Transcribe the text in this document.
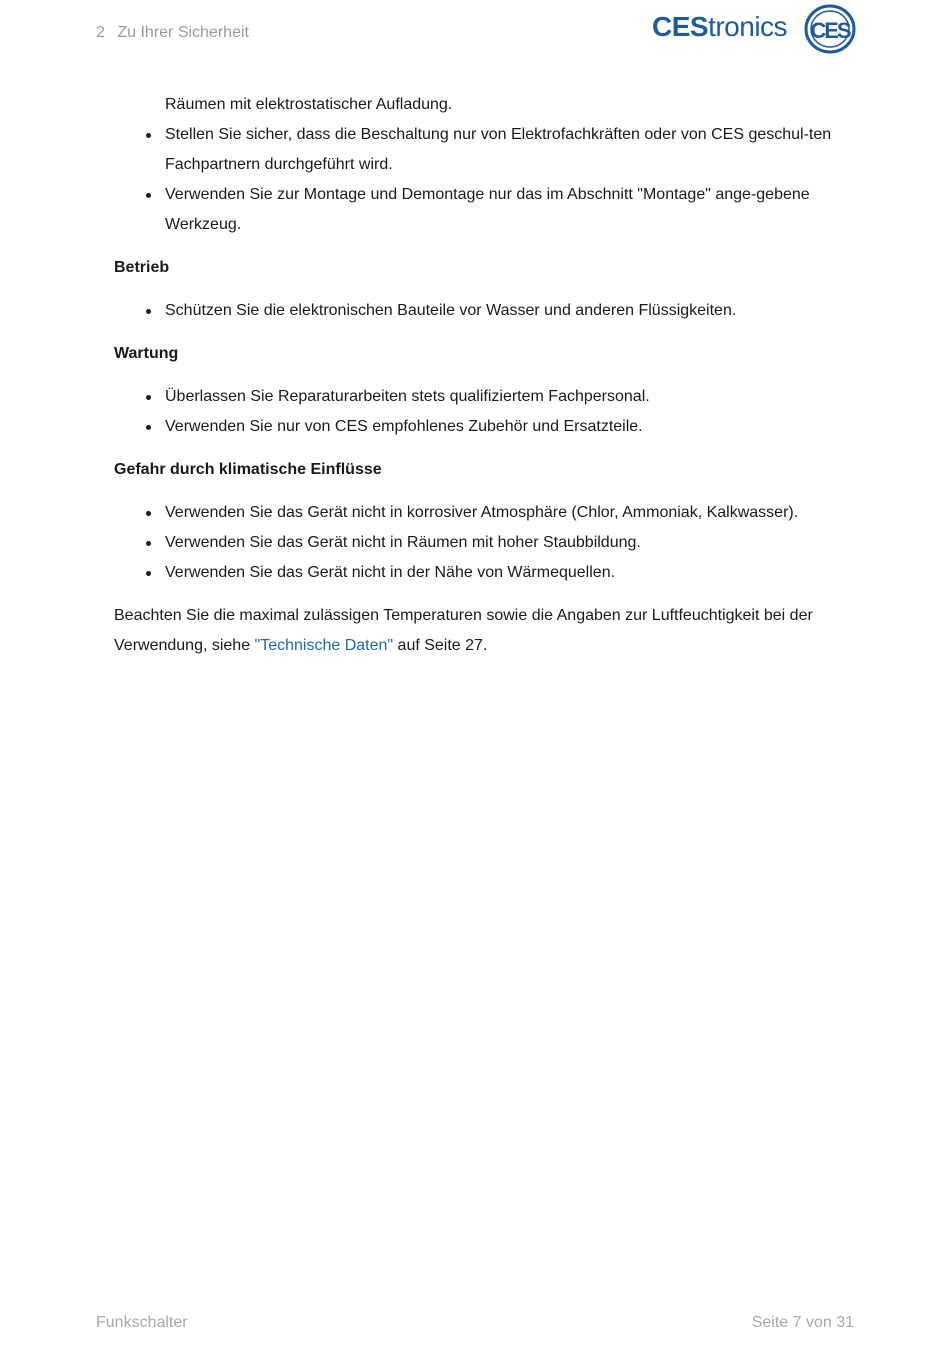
2 Zu Ihrer Sicherheit	CEStronics CES
Räumen mit elektrostatischer Aufladung.
Stellen Sie sicher, dass die Beschaltung nur von Elektrofachkräften oder von CES geschul-ten Fachpartnern durchgeführt wird.
Verwenden Sie zur Montage und Demontage nur das im Abschnitt "Montage" ange-gebene Werkzeug.
Betrieb
Schützen Sie die elektronischen Bauteile vor Wasser und anderen Flüssigkeiten.
Wartung
Überlassen Sie Reparaturarbeiten stets qualifiziertem Fachpersonal.
Verwenden Sie nur von CES empfohlenes Zubehör und Ersatzteile.
Gefahr durch klimatische Einflüsse
Verwenden Sie das Gerät nicht in korrosiver Atmosphäre (Chlor, Ammoniak, Kalkwasser).
Verwenden Sie das Gerät nicht in Räumen mit hoher Staubbildung.
Verwenden Sie das Gerät nicht in der Nähe von Wärmequellen.
Beachten Sie die maximal zulässigen Temperaturen sowie die Angaben zur Luftfeuchtigkeit bei der Verwendung, siehe "Technische Daten" auf Seite 27.
Funkschalter	Seite 7 von 31
